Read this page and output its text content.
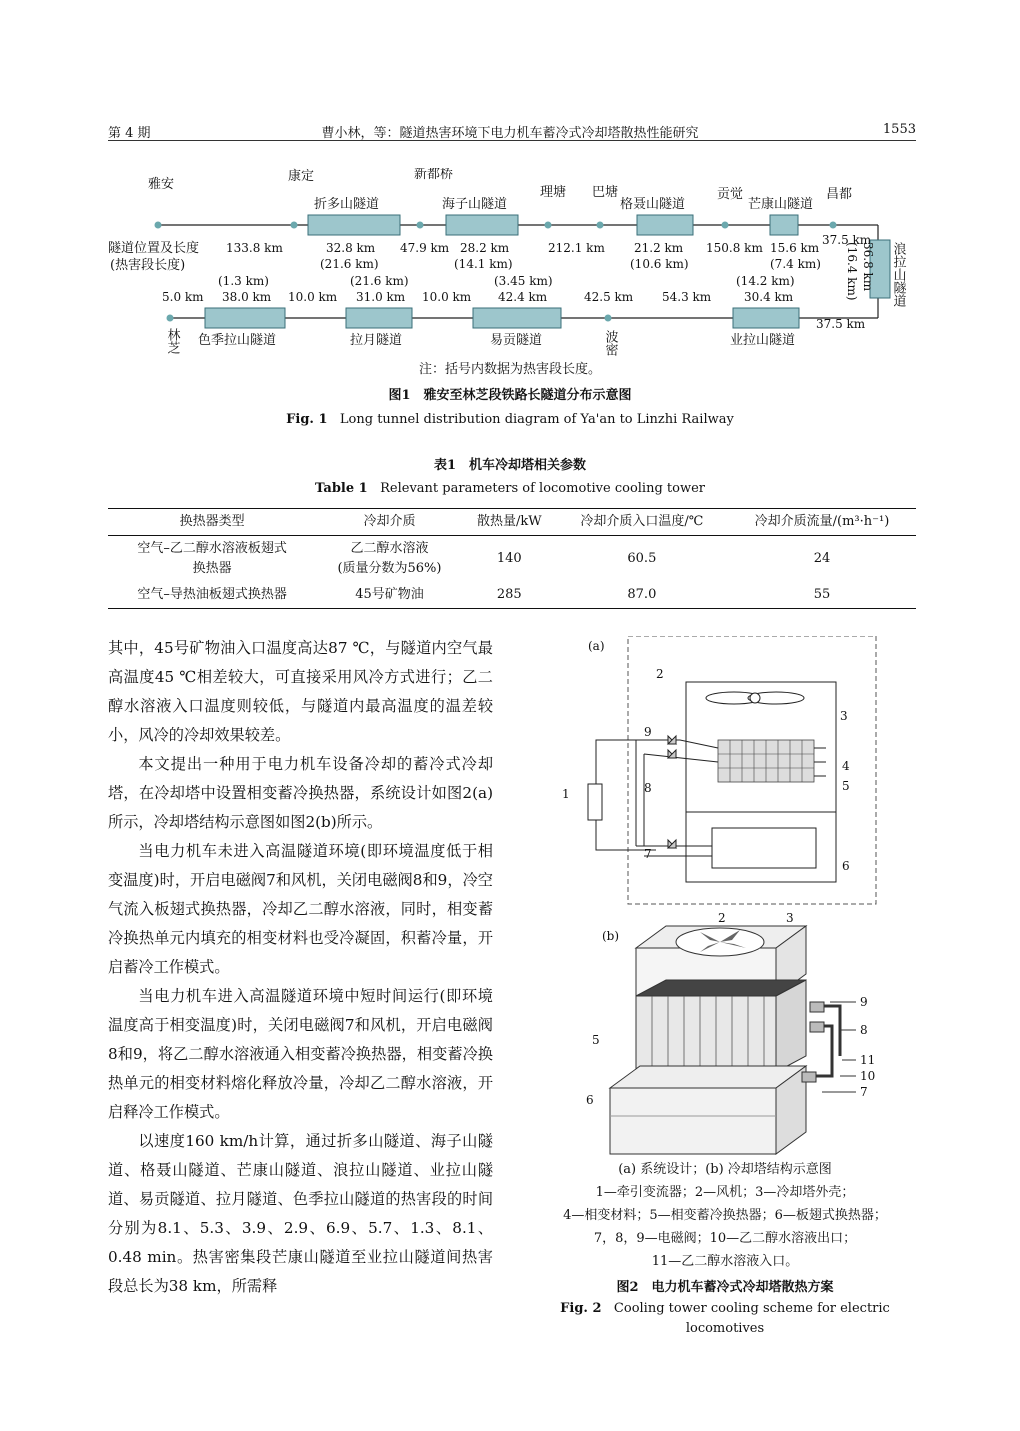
第 4 期	曹小林，等：隧道热害环境下电力机车蓄冷式冷却塔散热性能研究	1553
雅安
康定
折多山隧道
新都桥
海子山隧道
理塘 巴塘
格聂山隧道
贡觉
芒康山隧道
昌都
隧道位置及长度
(热害段长度)
133.8 km	32.8 km 47.9 km 28.2 km	212.1 km 21.2 km 150.8 km 15.6 km
37.5 km
(21.6 km)	(14.1 km)	(10.6 km)	(7.4 km)	浪拉山隧道
36.8 km
(16.4 km)
(1.3 km)	(21.6 km)	(3.45 km)	(14.2 km)
5.0 km 38.0 km 10.0 km 31.0 km 10.0 km 42.4 km	42.5 km 54.3 km	30.4 km
37.5 km
林芝 色季拉山隧道	拉月隧道	易贡隧道	波密	业拉山隧道
注：括号内数据为热害段长度。
图1　雅安至林芝段铁路长隧道分布示意图
Fig. 1 Long tunnel distribution diagram of Ya'an to Linzhi Railway
表1　机车冷却塔相关参数
Table 1 Relevant parameters of locomotive cooling tower
换热器类型	冷却介质	散热量/kW	冷却介质入口温度/℃	冷却介质流量/(m³·h⁻¹)
空气–乙二醇水溶液板翅式
换热器	乙二醇水溶液
(质量分数为56%)	140	60.5	24
空气–导热油板翅式换热器	45号矿物油	285	87.0	55

其中，45号矿物油入口温度高达87 ℃，与隧道内空气最高温度45 ℃相差较大，可直接采用风冷方式进行；乙二醇水溶液入口温度则较低，与隧道内最高温度的温差较小，风冷的冷却效果较差。

本文提出一种用于电力机车设备冷却的蓄冷式冷却塔，在冷却塔中设置相变蓄冷换热器，系统设计如图2(a)所示，冷却塔结构示意图如图2(b)所示。

当电力机车未进入高温隧道环境(即环境温度低于相变温度)时，开启电磁阀7和风机，关闭电磁阀8和9，冷空气流入板翅式换热器，冷却乙二醇水溶液，同时，相变蓄冷换热单元内填充的相变材料也受冷凝固，积蓄冷量，开启蓄冷工作模式。

当电力机车进入高温隧道环境中短时间运行(即环境温度高于相变温度)时，关闭电磁阀7和风机，开启电磁阀8和9，将乙二醇水溶液通入相变蓄冷换热器，相变蓄冷换热单元的相变材料熔化释放冷量，冷却乙二醇水溶液，开启释冷工作模式。

以速度160 km/h计算，通过折多山隧道、海子山隧道、格聂山隧道、芒康山隧道、浪拉山隧道、业拉山隧道、易贡隧道、拉月隧道、色季拉山隧道的热害段的时间分别为8.1、5.3、3.9、2.9、6.9、5.7、1.3、8.1、0.48 min。热害密集段芒康山隧道至业拉山隧道间热害段总长为38 km，所需释

(a)
2
3
4
5
6
1
7
8
9
(b)
2	3
5
6
9
8
11
10
7
(a) 系统设计；(b) 冷却塔结构示意图
1—牵引变流器；2—风机；3—冷却塔外壳；
4—相变材料；5—相变蓄冷换热器；6—板翅式换热器；
7，8，9—电磁阀；10—乙二醇水溶液出口；
11—乙二醇水溶液入口。
图2　电力机车蓄冷式冷却塔散热方案
Fig. 2 Cooling tower cooling scheme for electric
locomotives
